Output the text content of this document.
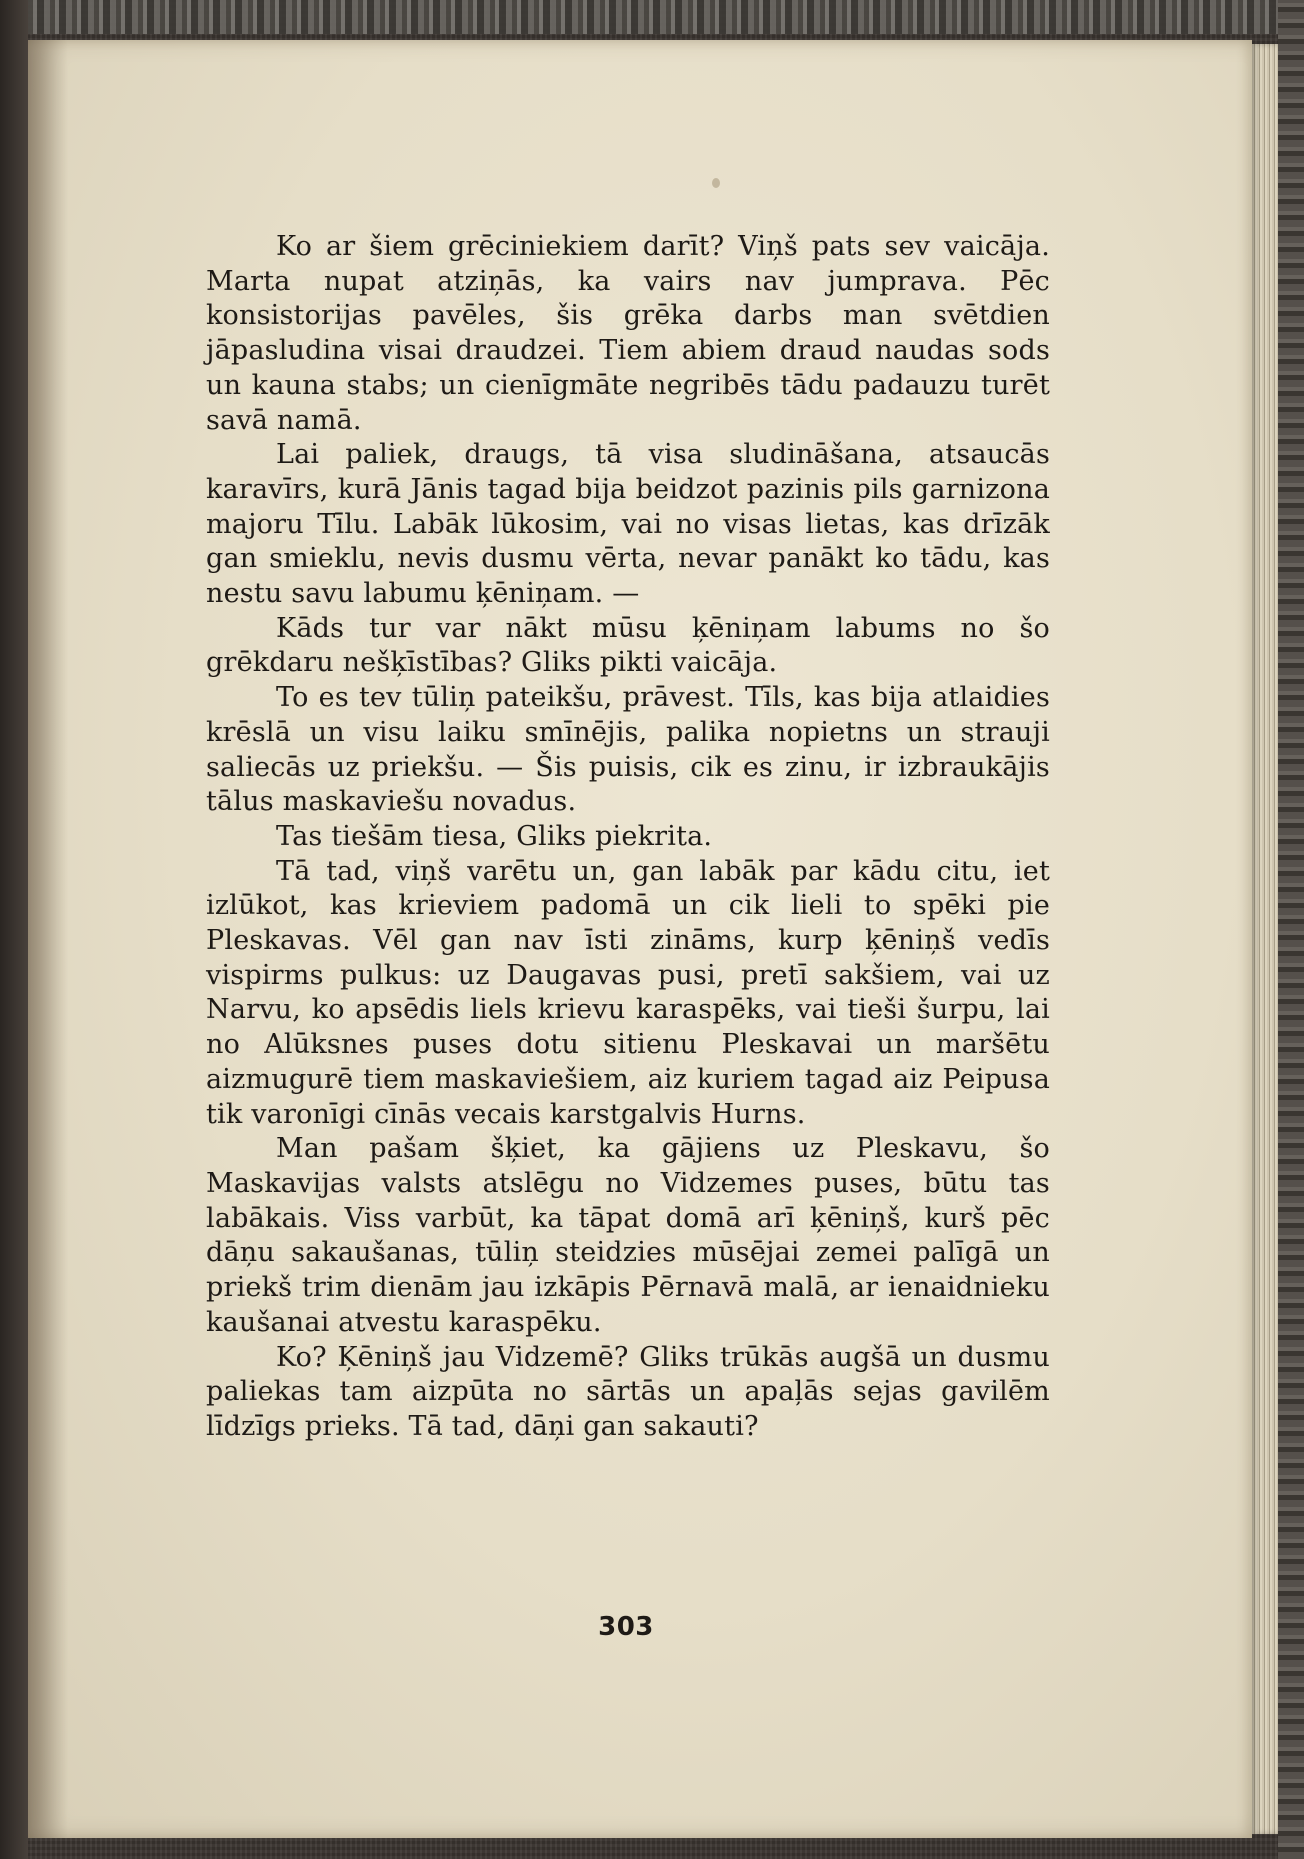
Ko ar šiem grēciniekiem darīt? Viņš pats sev vaicāja. Marta nupat atziņās, ka vairs nav jumprava. Pēc konsistorijas pavēles, šis grēka darbs man svētdien jāpasludina visai draudzei. Tiem abiem draud naudas sods un kauna stabs; un cienīgmāte negribēs tādu padauzu turēt savā namā.

Lai paliek, draugs, tā visa sludināšana, atsaucās karavīrs, kurā Jānis tagad bija beidzot pazinis pils garnizona majoru Tīlu. Labāk lūkosim, vai no visas lietas, kas drīzāk gan smieklu, nevis dusmu vērta, nevar panākt ko tādu, kas nestu savu labumu ķēniņam. —

Kāds tur var nākt mūsu ķēniņam labums no šo grēkdaru nešķīstības? Gliks pikti vaicāja.

To es tev tūliņ pateikšu, prāvest. Tīls, kas bija atlaidies krēslā un visu laiku smīnējis, palika nopietns un strauji saliecās uz priekšu. — Šis puisis, cik es zinu, ir izbraukājis tālus maskaviešu novadus.

Tas tiešām tiesa, Gliks piekrita.

Tā tad, viņš varētu un, gan labāk par kādu citu, iet izlūkot, kas krieviem padomā un cik lieli to spēki pie Pleskavas. Vēl gan nav īsti zināms, kurp ķēniņš vedīs vispirms pulkus: uz Daugavas pusi, pretī sakšiem, vai uz Narvu, ko apsēdis liels krievu karaspēks, vai tieši šurpu, lai no Alūksnes puses dotu sitienu Pleskavai un maršētu aizmugurē tiem maskaviešiem, aiz kuriem tagad aiz Peipusa tik varonīgi cīnās vecais karstgalvis Hurns.

Man pašam šķiet, ka gājiens uz Pleskavu, šo Maskavijas valsts atslēgu no Vidzemes puses, būtu tas labākais. Viss varbūt, ka tāpat domā arī ķēniņš, kurš pēc dāņu sakaušanas, tūliņ steidzies mūsējai zemei palīgā un priekš trim dienām jau izkāpis Pērnavā malā, ar ienaidnieku kaušanai atvestu karaspēku.

Ko? Ķēniņš jau Vidzemē? Gliks trūkās augšā un dusmu paliekas tam aizpūta no sārtās un apaļās sejas gavilēm līdzīgs prieks. Tā tad, dāņi gan sakauti?

303
